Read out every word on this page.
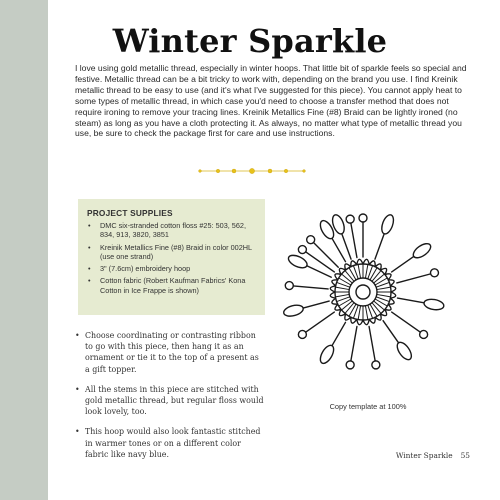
Winter Sparkle

I love using gold metallic thread, especially in winter hoops. That little bit of sparkle feels so special and festive. Metallic thread can be a bit tricky to work with, depending on the brand you use. I find Kreinik metallic thread to be easy to use (and it's what I've suggested for this piece). You cannot apply heat to some types of metallic thread, in which case you'd need to choose a transfer method that does not require ironing to remove your tracing lines. Kreinik Metallics Fine (#8) Braid can be lightly ironed (no steam) as long as you have a cloth protecting it. As always, no matter what type of metallic thread you use, be sure to check the package first for care and use instructions.

PROJECT SUPPLIES
• DMC six-stranded cotton floss #25: 503, 562, 834, 913, 3820, 3851
• Kreinik Metallics Fine (#8) Braid in color 002HL (use one strand)
• 3" (7.6cm) embroidery hoop
• Cotton fabric (Robert Kaufman Fabrics' Kona Cotton in Ice Frappe is shown)
• Choose coordinating or contrasting ribbon to go with this piece, then hang it as an ornament or tie it to the top of a present as a gift topper.
• All the stems in this piece are stitched with gold metallic thread, but regular floss would look lovely, too.
• This hoop would also look fantastic stitched in warmer tones or on a different color fabric like navy blue.
Copy template at 100%
Winter Sparkle 55
